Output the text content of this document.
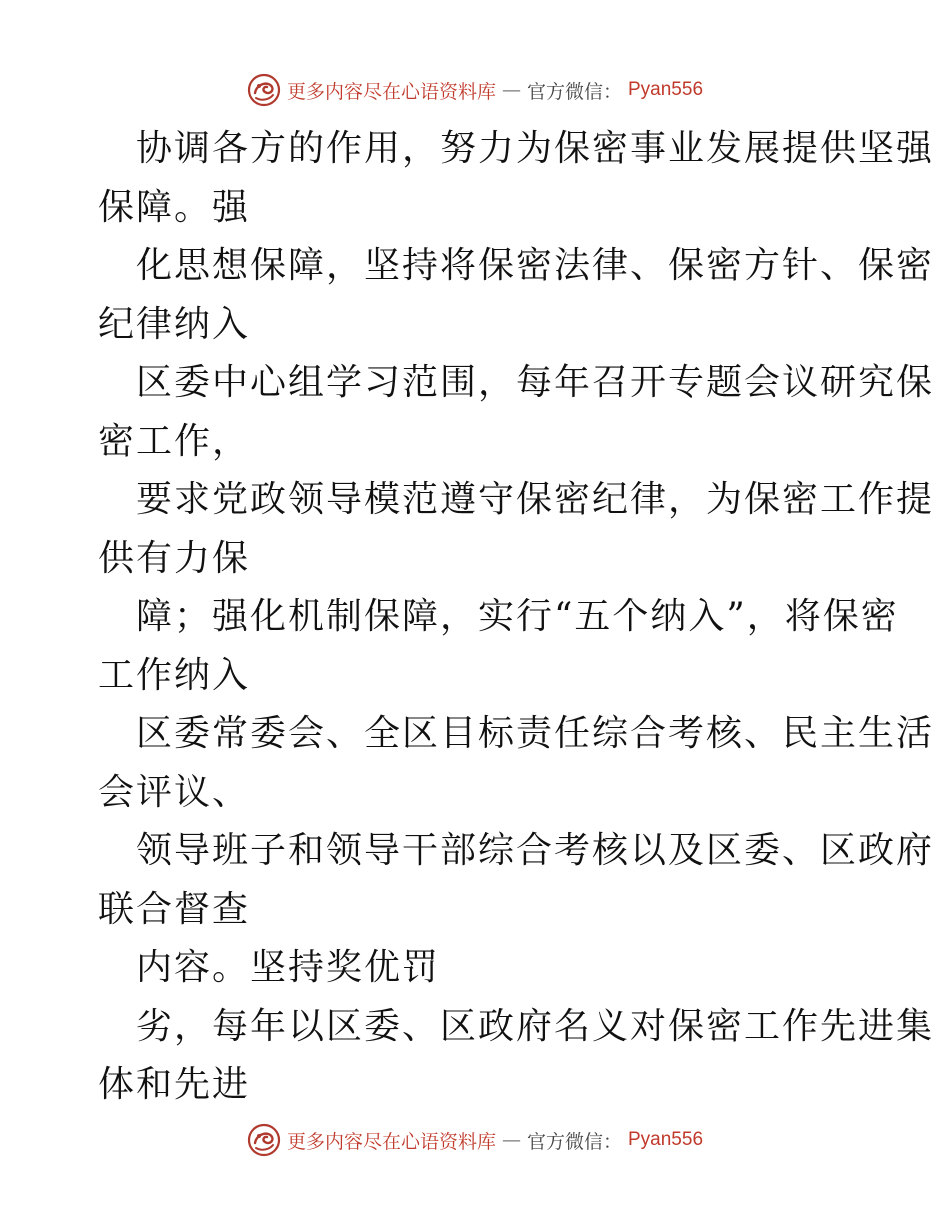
更多内容尽在心语资料库 — 官方微信： Pyan556
协调各方的作用，努力为保密事业发展提供坚强
保障。强
化思想保障，坚持将保密法律、保密方针、保密
纪律纳入
区委中心组学习范围，每年召开专题会议研究保
密工作，
要求党政领导模范遵守保密纪律，为保密工作提
供有力保
障；强化机制保障，实行“五个纳入”，将保密
工作纳入
区委常委会、全区目标责任综合考核、民主生活
会评议、
领导班子和领导干部综合考核以及区委、区政府
联合督查
内容。坚持奖优罚
劣，每年以区委、区政府名义对保密工作先进集
体和先进
更多内容尽在心语资料库 — 官方微信： Pyan556
